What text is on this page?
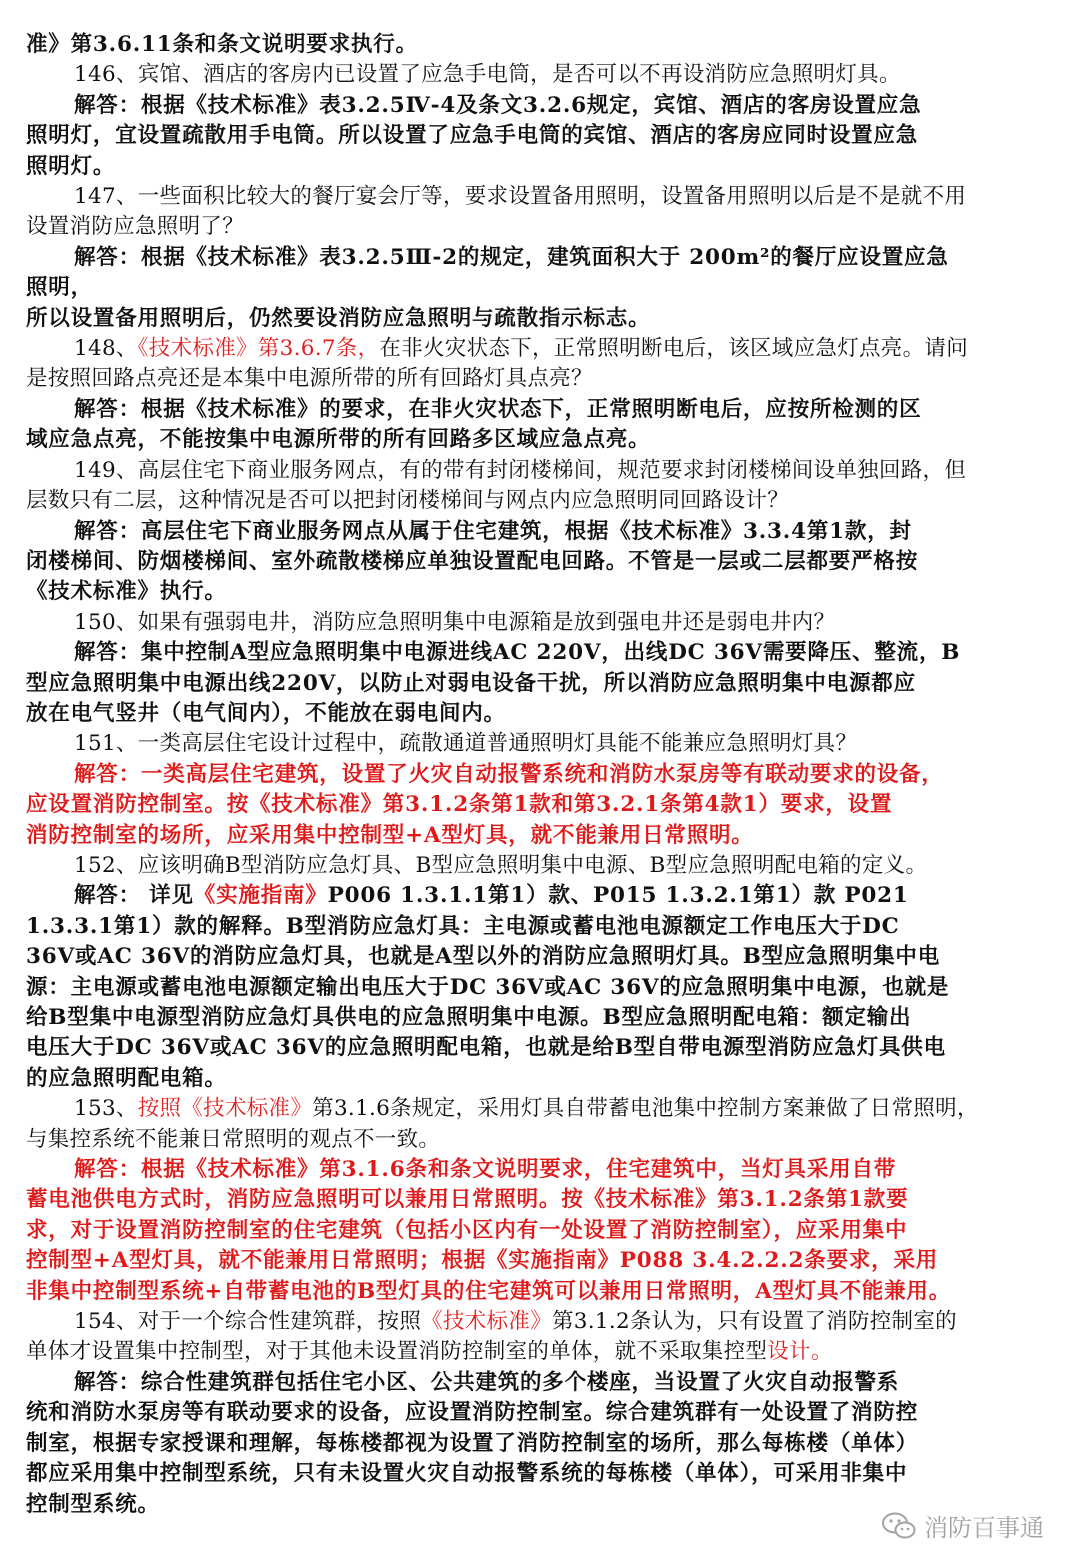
准》第3.6.11条和条文说明要求执行。
146、宾馆、酒店的客房内已设置了应急手电筒，是否可以不再设消防应急照明灯具。
解答：根据《技术标准》表3.2.5Ⅳ-4及条文3.2.6规定，宾馆、酒店的客房设置应急
照明灯，宜设置疏散用手电筒。所以设置了应急手电筒的宾馆、酒店的客房应同时设置应急
照明灯。
147、一些面积比较大的餐厅宴会厅等，要求设置备用照明，设置备用照明以后是不是就不用
设置消防应急照明了？
解答：根据《技术标准》表3.2.5Ⅲ-2的规定，建筑面积大于 200m²的餐厅应设置应急
照明，
所以设置备用照明后，仍然要设消防应急照明与疏散指示标志。
148、《技术标准》第3.6.7条，在非火灾状态下，正常照明断电后，该区域应急灯点亮。请问
是按照回路点亮还是本集中电源所带的所有回路灯具点亮？
解答：根据《技术标准》的要求，在非火灾状态下，正常照明断电后，应按所检测的区
域应急点亮，不能按集中电源所带的所有回路多区域应急点亮。
149、高层住宅下商业服务网点，有的带有封闭楼梯间，规范要求封闭楼梯间设单独回路，但
层数只有二层，这种情况是否可以把封闭楼梯间与网点内应急照明同回路设计？
解答：高层住宅下商业服务网点从属于住宅建筑，根据《技术标准》3.3.4第1款，封
闭楼梯间、防烟楼梯间、室外疏散楼梯应单独设置配电回路。不管是一层或二层都要严格按
《技术标准》执行。
150、如果有强弱电井，消防应急照明集中电源箱是放到强电井还是弱电井内？
解答：集中控制A型应急照明集中电源进线AC 220V，出线DC 36V需要降压、整流，B
型应急照明集中电源出线220V，以防止对弱电设备干扰，所以消防应急照明集中电源都应
放在电气竖井（电气间内），不能放在弱电间内。
151、一类高层住宅设计过程中，疏散通道普通照明灯具能不能兼应急照明灯具？
解答：一类高层住宅建筑，设置了火灾自动报警系统和消防水泵房等有联动要求的设备，
应设置消防控制室。按《技术标准》第3.1.2条第1款和第3.2.1条第4款1）要求，设置
消防控制室的场所，应采用集中控制型+A型灯具，就不能兼用日常照明。
152、应该明确B型消防应急灯具、B型应急照明集中电源、B型应急照明配电箱的定义。
解答： 详见《实施指南》P006 1.3.1.1第1）款、P015 1.3.2.1第1）款 P021
1.3.3.1第1）款的解释。B型消防应急灯具：主电源或蓄电池电源额定工作电压大于DC
36V或AC 36V的消防应急灯具，也就是A型以外的消防应急照明灯具。B型应急照明集中电
源：主电源或蓄电池电源额定输出电压大于DC 36V或AC 36V的应急照明集中电源，也就是
给B型集中电源型消防应急灯具供电的应急照明集中电源。B型应急照明配电箱：额定输出
电压大于DC 36V或AC 36V的应急照明配电箱，也就是给B型自带电源型消防应急灯具供电
的应急照明配电箱。
153、按照《技术标准》第3.1.6条规定，采用灯具自带蓄电池集中控制方案兼做了日常照明，
与集控系统不能兼日常照明的观点不一致。
解答：根据《技术标准》第3.1.6条和条文说明要求，住宅建筑中，当灯具采用自带
蓄电池供电方式时，消防应急照明可以兼用日常照明。按《技术标准》第3.1.2条第1款要
求，对于设置消防控制室的住宅建筑（包括小区内有一处设置了消防控制室），应采用集中
控制型+A型灯具，就不能兼用日常照明；根据《实施指南》P088 3.4.2.2.2条要求，采用
非集中控制型系统+自带蓄电池的B型灯具的住宅建筑可以兼用日常照明，A型灯具不能兼用。
154、对于一个综合性建筑群，按照《技术标准》第3.1.2条认为，只有设置了消防控制室的
单体才设置集中控制型，对于其他未设置消防控制室的单体，就不采取集控型设计。
解答：综合性建筑群包括住宅小区、公共建筑的多个楼座，当设置了火灾自动报警系
统和消防水泵房等有联动要求的设备，应设置消防控制室。综合建筑群有一处设置了消防控
制室，根据专家授课和理解，每栋楼都视为设置了消防控制室的场所，那么每栋楼（单体）
都应采用集中控制型系统，只有未设置火灾自动报警系统的每栋楼（单体），可采用非集中
控制型系统。
消防百事通
